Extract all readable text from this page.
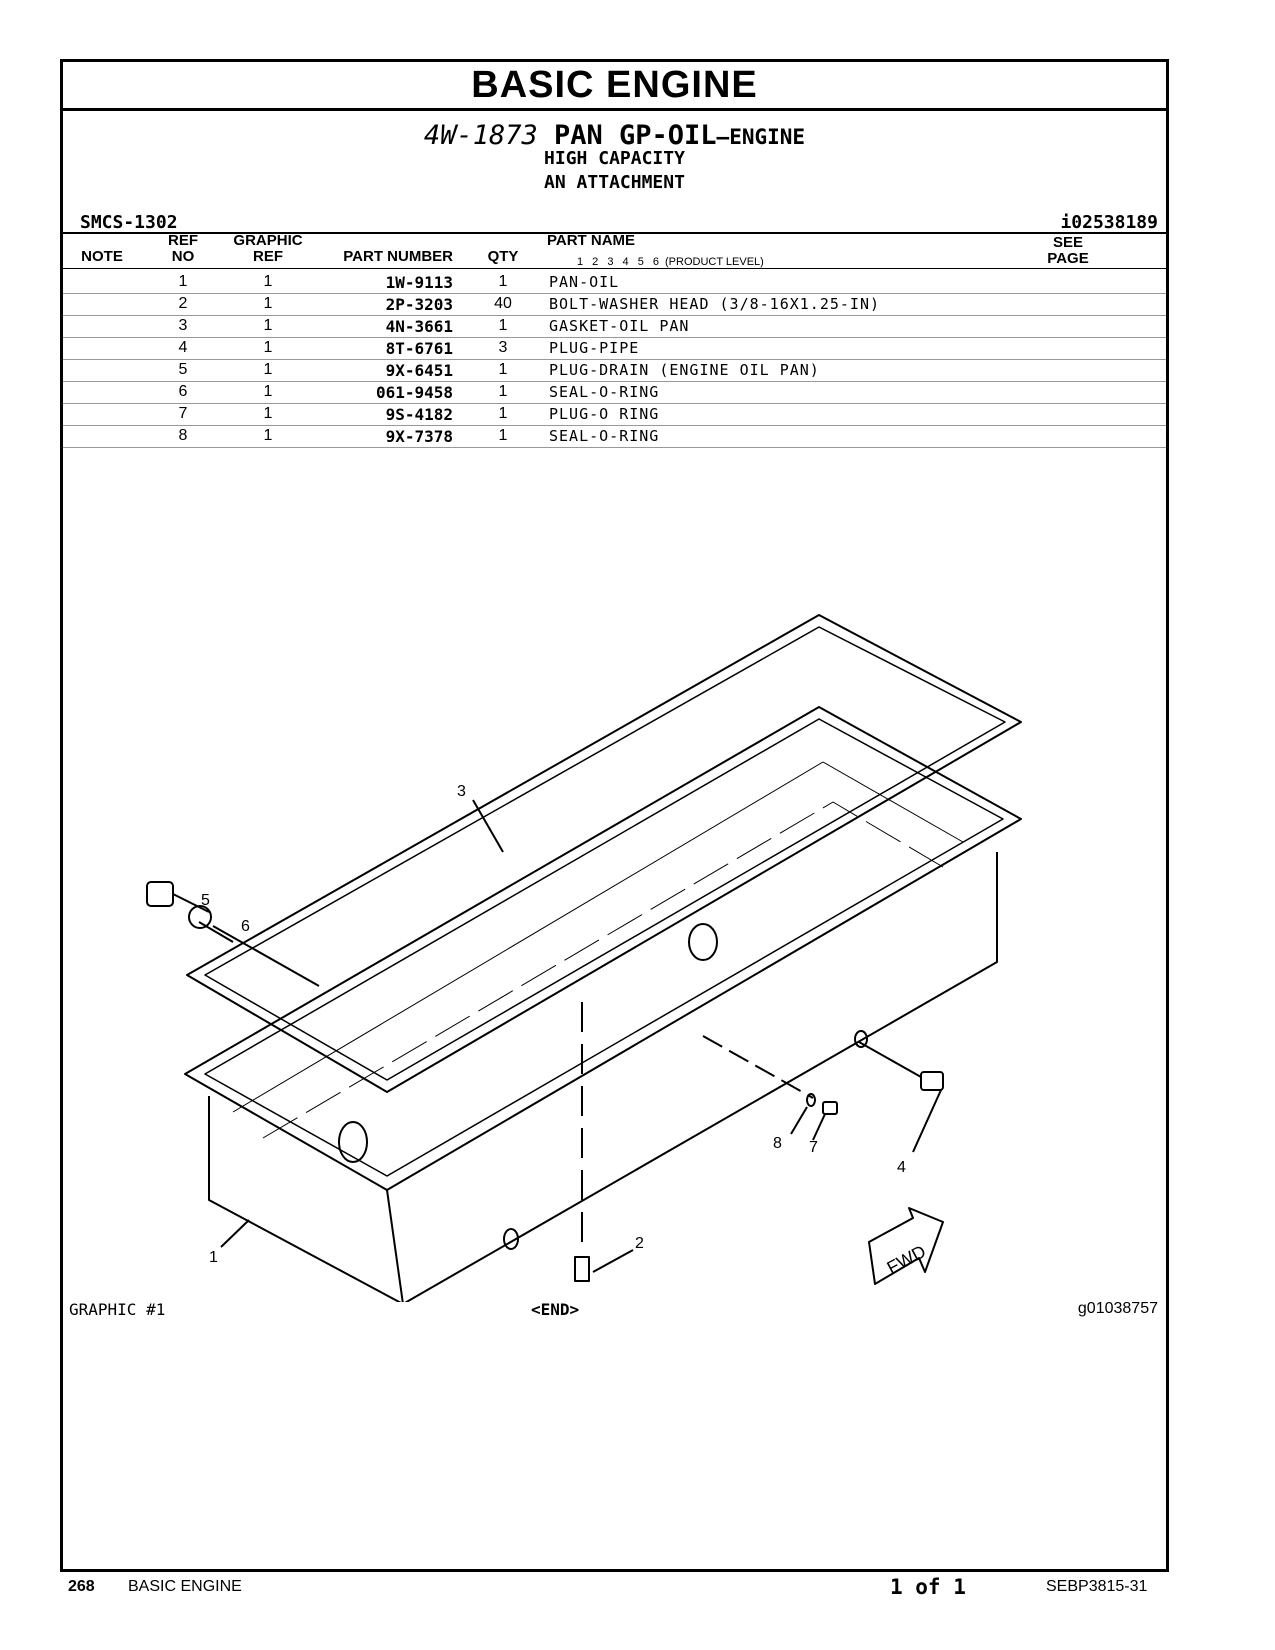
BASIC ENGINE
4W-1873 PAN GP-OIL–ENGINE
HIGH CAPACITY
AN ATTACHMENT
SMCS-1302	i02538189
NOTE
REF
NO
GRAPHIC
REF	PART NUMBER	QTY
PART NAME
1 2 3 4 5 6 (PRODUCT LEVEL)
SEE
PAGE
1	1	1W-9113	1	PAN-OIL
2	1	2P-3203	40	BOLT-WASHER HEAD (3/8-16X1.25-IN)
3	1	4N-3661	1	GASKET-OIL PAN
4	1	8T-6761	3	PLUG-PIPE
5	1	9X-6451	1	PLUG-DRAIN (ENGINE OIL PAN)
6	1	061-9458	1	SEAL-O-RING
7	1	9S-4182	1	PLUG-O RING
8	1	9X-7378	1	SEAL-O-RING
1
2
3
4
5
6
7
8
FWD
GRAPHIC #1	<END>	g01038757
268 BASIC ENGINE	1 of 1	SEBP3815-31
